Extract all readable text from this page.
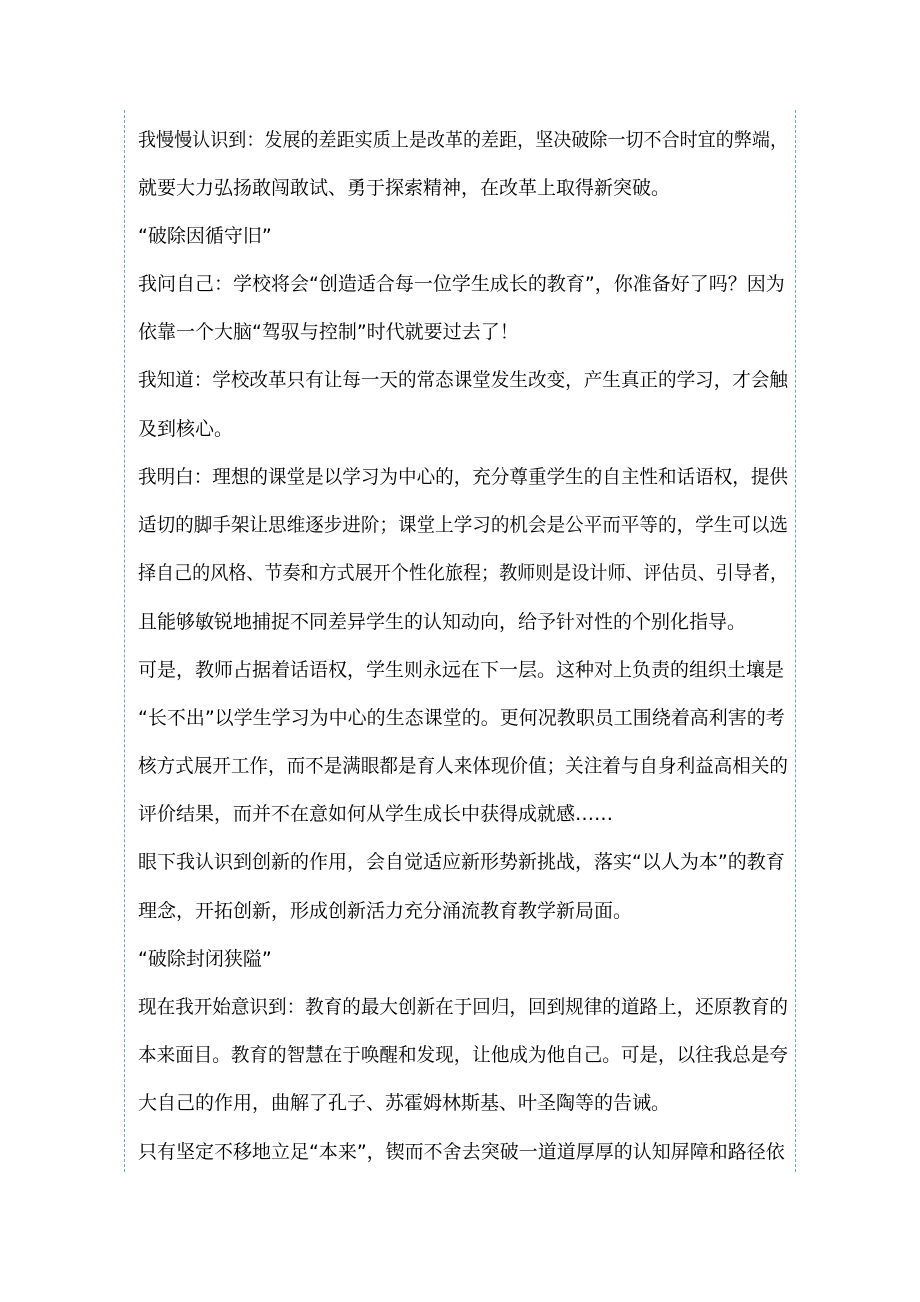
我慢慢认识到：发展的差距实质上是改革的差距，坚决破除一切不合时宜的弊端，
就要大力弘扬敢闯敢试、勇于探索精神，在改革上取得新突破。
“破除因循守旧”
我问自己：学校将会“创造适合每一位学生成长的教育”，你准备好了吗？因为
依靠一个大脑“驾驭与控制”时代就要过去了！
我知道：学校改革只有让每一天的常态课堂发生改变，产生真正的学习，才会触
及到核心。
我明白：理想的课堂是以学习为中心的，充分尊重学生的自主性和话语权，提供
适切的脚手架让思维逐步进阶；课堂上学习的机会是公平而平等的，学生可以选
择自己的风格、节奏和方式展开个性化旅程；教师则是设计师、评估员、引导者，
且能够敏锐地捕捉不同差异学生的认知动向，给予针对性的个别化指导。
可是，教师占据着话语权，学生则永远在下一层。这种对上负责的组织土壤是
“长不出”以学生学习为中心的生态课堂的。更何况教职员工围绕着高利害的考
核方式展开工作，而不是满眼都是育人来体现价值；关注着与自身利益高相关的
评价结果，而并不在意如何从学生成长中获得成就感……
眼下我认识到创新的作用，会自觉适应新形势新挑战，落实“以人为本”的教育
理念，开拓创新，形成创新活力充分涌流教育教学新局面。
“破除封闭狭隘”
现在我开始意识到：教育的最大创新在于回归，回到规律的道路上，还原教育的
本来面目。教育的智慧在于唤醒和发现，让他成为他自己。可是，以往我总是夸
大自己的作用，曲解了孔子、苏霍姆林斯基、叶圣陶等的告诫。
只有坚定不移地立足“本来”，锲而不舍去突破一道道厚厚的认知屏障和路径依
